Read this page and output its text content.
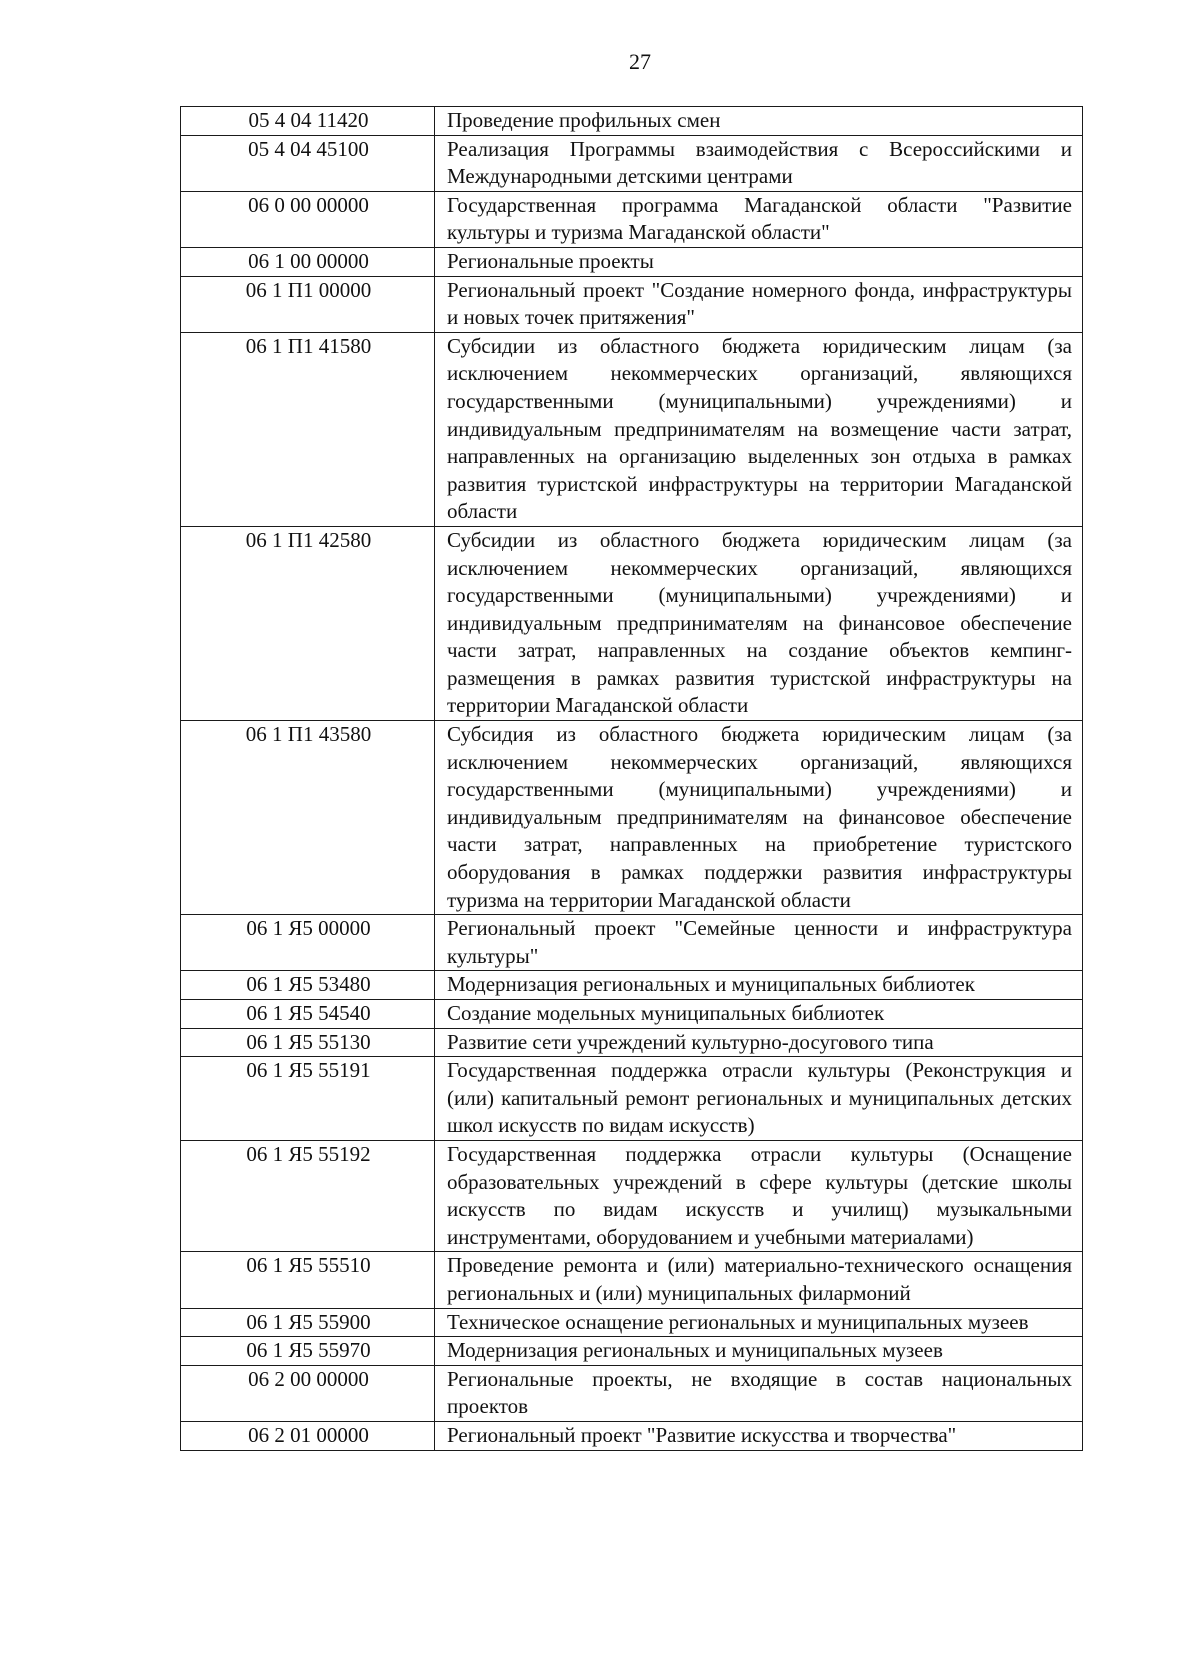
27
05 4 04 11420	Проведение профильных смен
05 4 04 45100	Реализация Программы взаимодействия с Всероссийскими и Международными детскими центрами
06 0 00 00000	Государственная программа Магаданской области "Развитие культуры и туризма Магаданской области"
06 1 00 00000	Региональные проекты
06 1 П1 00000	Региональный проект "Создание номерного фонда, инфраструктуры и новых точек притяжения"
06 1 П1 41580	Субсидии из областного бюджета юридическим лицам (за исключением некоммерческих организаций, являющихся государственными (муниципальными) учреждениями) и индивидуальным предпринимателям на возмещение части затрат, направленных на организацию выделенных зон отдыха в рамках развития туристской инфраструктуры на территории Магаданской области
06 1 П1 42580	Субсидии из областного бюджета юридическим лицам (за исключением некоммерческих организаций, являющихся государственными (муниципальными) учреждениями) и индивидуальным предпринимателям на финансовое обеспечение части затрат, направленных на создание объектов кемпинг-размещения в рамках развития туристской инфраструктуры на территории Магаданской области
06 1 П1 43580	Субсидия из областного бюджета юридическим лицам (за исключением некоммерческих организаций, являющихся государственными (муниципальными) учреждениями) и индивидуальным предпринимателям на финансовое обеспечение части затрат, направленных на приобретение туристского оборудования в рамках поддержки развития инфраструктуры туризма на территории Магаданской области
06 1 Я5 00000	Региональный проект "Семейные ценности и инфраструктура культуры"
06 1 Я5 53480	Модернизация региональных и муниципальных библиотек
06 1 Я5 54540	Создание модельных муниципальных библиотек
06 1 Я5 55130	Развитие сети учреждений культурно-досугового типа
06 1 Я5 55191	Государственная поддержка отрасли культуры (Реконструкция и (или) капитальный ремонт региональных и муниципальных детских школ искусств по видам искусств)
06 1 Я5 55192	Государственная поддержка отрасли культуры (Оснащение образовательных учреждений в сфере культуры (детские школы искусств по видам искусств и училищ) музыкальными инструментами, оборудованием и учебными материалами)
06 1 Я5 55510	Проведение ремонта и (или) материально-технического оснащения региональных и (или) муниципальных филармоний
06 1 Я5 55900	Техническое оснащение региональных и муниципальных музеев
06 1 Я5 55970	Модернизация региональных и муниципальных музеев
06 2 00 00000	Региональные проекты, не входящие в состав национальных проектов
06 2 01 00000	Региональный проект "Развитие искусства и творчества"
